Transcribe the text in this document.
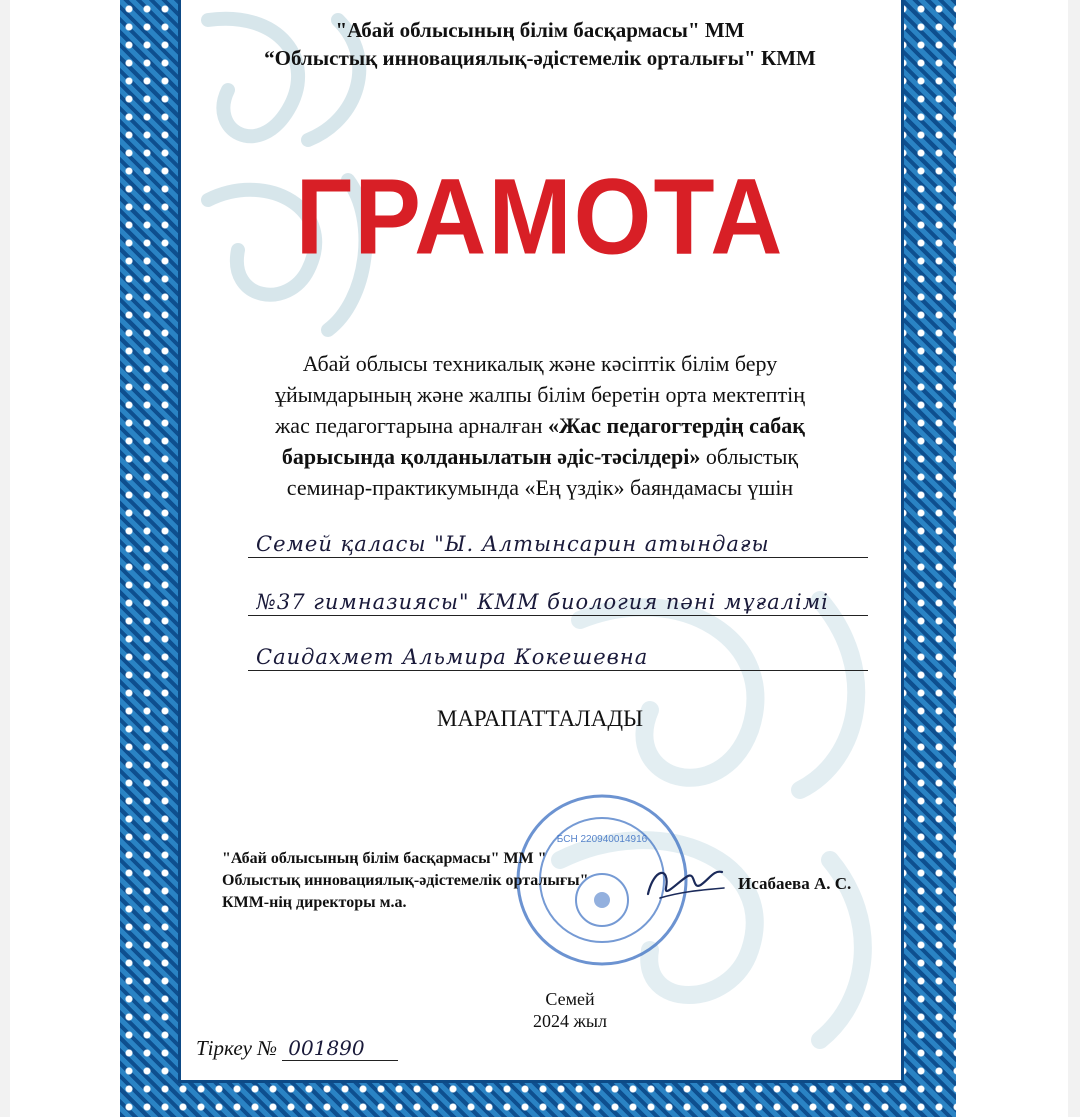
"Абай облысының білім басқармасы" ММ
“Облыстық инновациялық-әдістемелік орталығы" КММ
ГРАМОТА
Абай облысы техникалық және кәсіптік білім беру
ұйымдарының және жалпы білім беретін орта мектептің
жас педагогтарына арналған «Жас педагогтердің сабақ
барысында қолданылатын әдіс-тәсілдері» облыстық
семинар-практикумында «Ең үздік» баяндамасы үшін
Семей қаласы "Ы. Алтынсарин атындағы
№37 гимназиясы" КММ биология пәні мұғалімі
Саидахмет Альмира Кокешевна
МАРАПАТТАЛАДЫ
БСН 220940014916
"Абай облысының білім басқармасы" ММ "
Облыстық инновациялық-әдістемелік орталығы"
КММ-нің директоры м.а.
Исабаева А. С.
Семей
2024 жыл
Тіркеу № 001890
